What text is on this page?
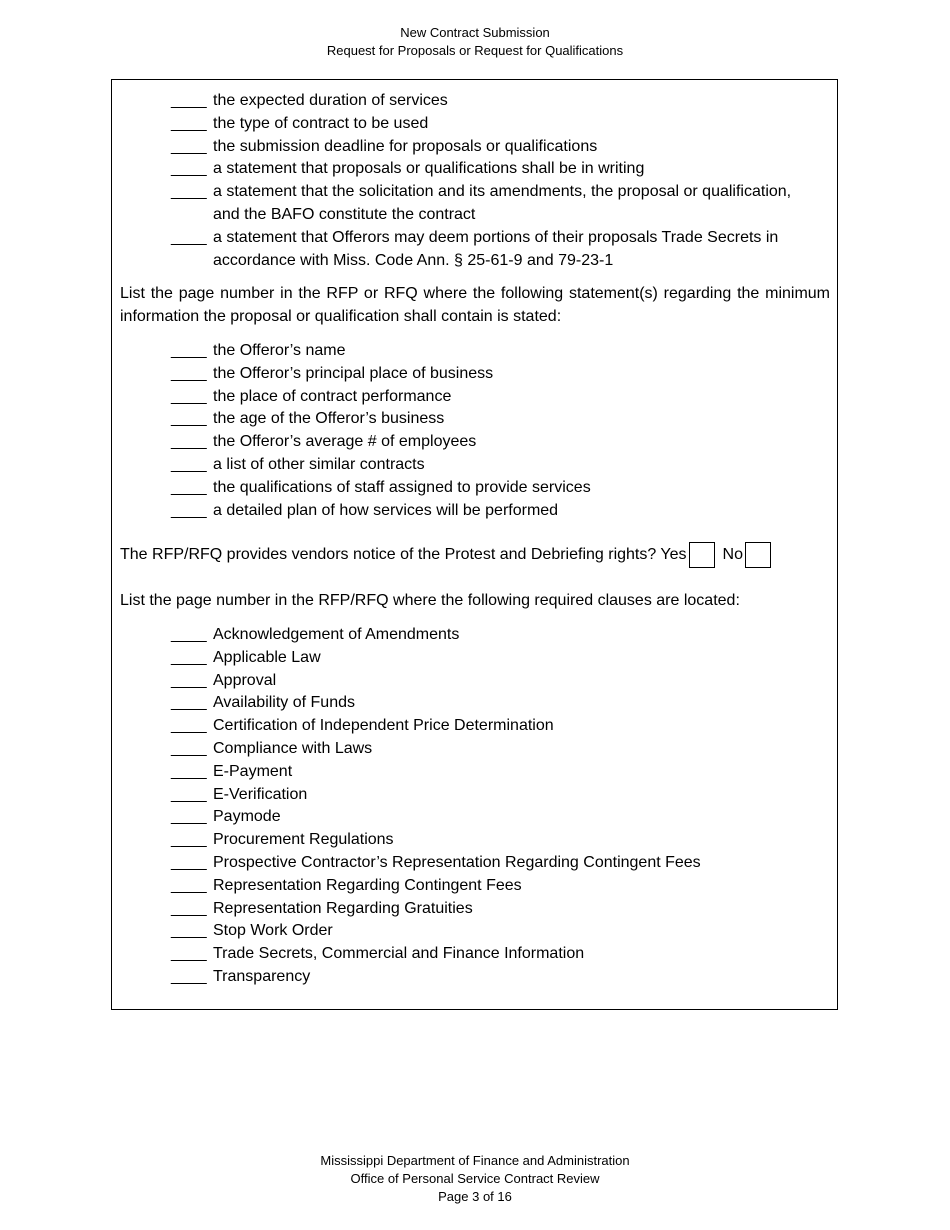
New Contract Submission
Request for Proposals or Request for Qualifications
____ the expected duration of services
____ the type of contract to be used
____ the submission deadline for proposals or qualifications
____ a statement that proposals or qualifications shall be in writing
____ a statement that the solicitation and its amendments, the proposal or qualification, and the BAFO constitute the contract
____ a statement that Offerors may deem portions of their proposals Trade Secrets in accordance with Miss. Code Ann. § 25-61-9 and 79-23-1

List the page number in the RFP or RFQ where the following statement(s) regarding the minimum information the proposal or qualification shall contain is stated:

____ the Offeror’s name
____ the Offeror’s principal place of business
____ the place of contract performance
____ the age of the Offeror’s business
____ the Offeror’s average # of employees
____ a list of other similar contracts
____ the qualifications of staff assigned to provide services
____ a detailed plan of how services will be performed
The RFP/RFQ provides vendors notice of the Protest and Debriefing rights? Yes No

List the page number in the RFP/RFQ where the following required clauses are located:

____ Acknowledgement of Amendments
____ Applicable Law
____ Approval
____ Availability of Funds
____ Certification of Independent Price Determination
____ Compliance with Laws
____ E-Payment
____ E-Verification
____ Paymode
____ Procurement Regulations
____ Prospective Contractor’s Representation Regarding Contingent Fees
____ Representation Regarding Contingent Fees
____ Representation Regarding Gratuities
____ Stop Work Order
____ Trade Secrets, Commercial and Finance Information
____ Transparency
Mississippi Department of Finance and Administration
Office of Personal Service Contract Review
Page 3 of 16
